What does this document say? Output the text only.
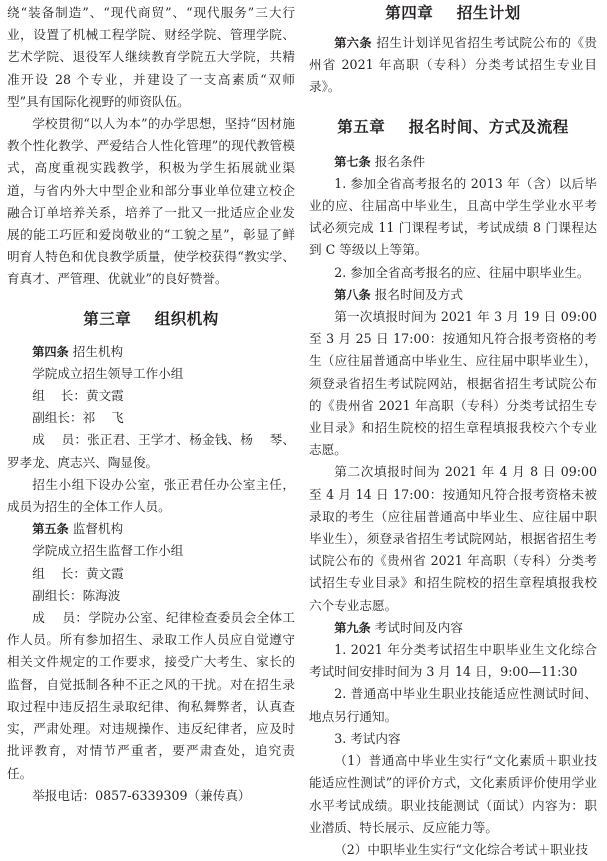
绕“装备制造”、“现代商贸”、“现代服务”三大行业，设置了机械工程学院、财经学院、管理学院、艺术学院、退役军人继续教育学院五大学院，共精准开设 28 个专业，并建设了一支高素质“双师型”具有国际化视野的师资队伍。

学校贯彻“以人为本”的办学思想，坚持“因材施教个性化教学、严爱结合人性化管理”的现代教管模式，高度重视实践教学，积极为学生拓展就业渠道，与省内外大中型企业和部分事业单位建立校企融合订单培养关系，培养了一批又一批适应企业发展的能工巧匠和爱岗敬业的“工貌之星”，彰显了鲜明育人特色和优良教学质量，使学校获得“教实学、育真才、严管理、优就业”的良好赞誉。

第三章    组织机构

第四条 招生机构

学院成立招生领导工作小组

组    长：黄文霞

副组长：祁    飞

成    员：张正君、王学才、杨金钱、杨    琴、罗孝龙、庹志兴、陶显俊。

招生小组下设办公室，张正君任办公室主任，成员为招生的全体工作人员。

第五条 监督机构

学院成立招生监督工作小组

组    长：黄文霞

副组长：陈海波

成    员：学院办公室、纪律检查委员会全体工作人员。所有参加招生、录取工作人员应自觉遵守相关文件规定的工作要求，接受广大考生、家长的监督，自觉抵制各种不正之风的干扰。对在招生录取过程中违反招生录取纪律、徇私舞弊者，认真查实，严肃处理。对违规操作、违反纪律者，应及时批评教育，对情节严重者，要严肃查处，追究责任。

举报电话：0857-6339309（兼传真）

第四章    招生计划

第六条 招生计划详见省招生考试院公布的《贵州省 2021 年高职（专科）分类考试招生专业目录》。

第五章    报名时间、方式及流程

第七条 报名条件

1. 参加全省高考报名的 2013 年（含）以后毕业的应、往届高中毕业生，且高中学生学业水平考试必须完成 11 门课程考试，考试成绩 8 门课程达到 C 等级以上等第。

2. 参加全省高考报名的应、往届中职毕业生。

第八条 报名时间及方式

第一次填报时间为 2021 年 3 月 19 日 09:00 至 3 月 25 日 17:00：按通知凡符合报考资格的考生（应往届普通高中毕业生、应往届中职毕业生），须登录省招生考试院网站，根据省招生考试院公布的《贵州省 2021 年高职（专科）分类考试招生专业目录》和招生院校的招生章程填报我校六个专业志愿。

第二次填报时间为 2021 年 4 月 8 日 09:00 至 4 月 14 日 17:00：按通知凡符合报考资格未被录取的考生（应往届普通高中毕业生、应往届中职毕业生），须登录省招生考试院网站，根据省招生考试院公布的《贵州省 2021 年高职（专科）分类考试招生专业目录》和招生院校的招生章程填报我校六个专业志愿。

第九条 考试时间及内容

1. 2021 年分类考试招生中职毕业生文化综合考试时间安排时间为 3 月 14 日，9:00—11:30

2. 普通高中毕业生职业技能适应性测试时间、地点另行通知。

3. 考试内容

（1）普通高中毕业生实行“文化素质＋职业技能适应性测试”的评价方式，文化素质评价使用学业水平考试成绩。职业技能测试（面试）内容为：职业潜质、特长展示、反应能力等。

（2）中职毕业生实行“文化综合考试＋职业技
